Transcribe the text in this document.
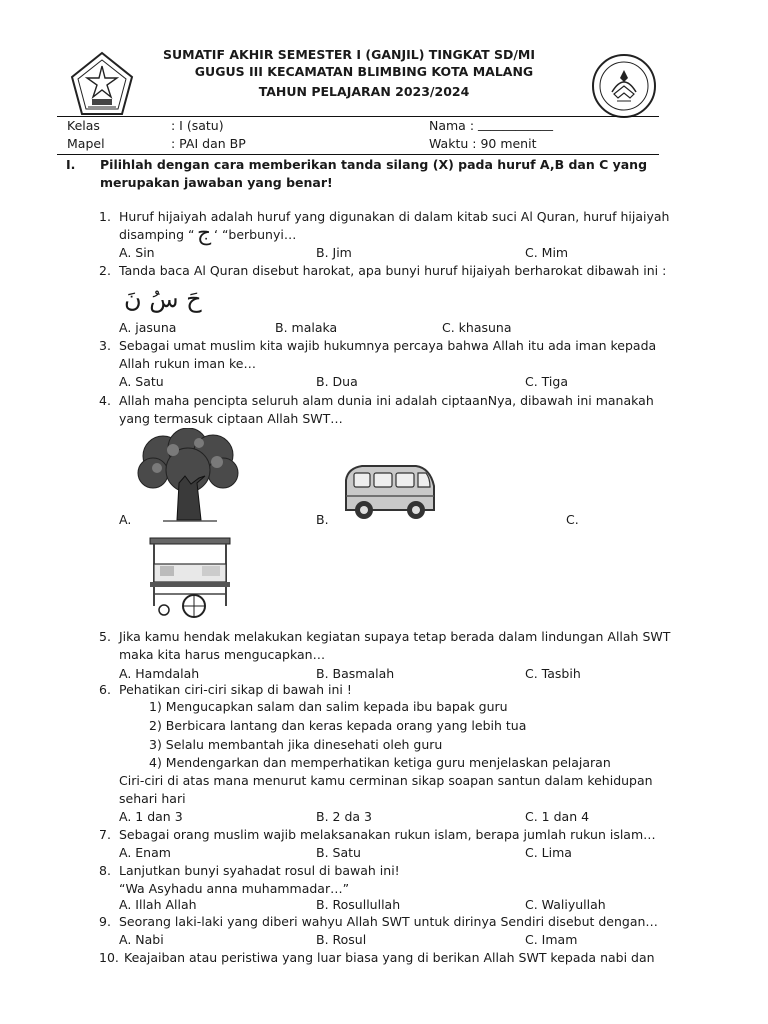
SUMATIF AKHIR SEMESTER I (GANJIL) TINGKAT SD/MI
GUGUS III KECAMATAN BLIMBING KOTA MALANG
TAHUN PELAJARAN 2023/2024
Kelas	: I (satu)	Nama : ____________
Mapel	: PAI dan BP	Waktu : 90 menit
I. Pilihlah dengan cara memberikan tanda silang (X) pada huruf A,B dan C yang
merupakan jawaban yang benar!
1. Huruf hijaiyah adalah huruf yang digunakan di dalam kitab suci Al Quran, huruf hijaiyah
disamping “ ج ‘ “berbunyi…
A. Sin	B. Jim	C. Mim
2. Tanda baca Al Quran disebut harokat, apa bunyi huruf hijaiyah berharokat dibawah ini :
حَ سُ نَ
A. jasuna	B. malaka	C. khasuna
3. Sebagai umat muslim kita wajib hukumnya percaya bahwa Allah itu ada iman kepada
Allah rukun iman ke…
A. Satu	B. Dua	C. Tiga
4. Allah maha pencipta seluruh alam dunia ini adalah ciptaanNya, dibawah ini manakah
yang termasuk ciptaan Allah SWT…
A.	B.	C.
5. Jika kamu hendak melakukan kegiatan supaya tetap berada dalam lindungan Allah SWT
maka kita harus mengucapkan…
A. Hamdalah	B. Basmalah	C. Tasbih
6. Pehatikan ciri-ciri sikap di bawah ini !
1) Mengucapkan salam dan salim kepada ibu bapak guru
2) Berbicara lantang dan keras kepada orang yang lebih tua
3) Selalu membantah jika dinesehati oleh guru
4) Mendengarkan dan memperhatikan ketiga guru menjelaskan pelajaran
Ciri-ciri di atas mana menurut kamu cerminan sikap soapan santun dalam kehidupan
sehari hari
A. 1 dan 3	B. 2 da 3	C. 1 dan 4
7. Sebagai orang muslim wajib melaksanakan rukun islam, berapa jumlah rukun islam…
A. Enam	B. Satu	C. Lima
8. Lanjutkan bunyi syahadat rosul di bawah ini!
“Wa Asyhadu anna muhammadar…”
A. Illah Allah	B. Rosullullah	C. Waliyullah
9. Seorang laki-laki yang diberi wahyu Allah SWT untuk dirinya Sendiri disebut dengan…
A. Nabi	B. Rosul	C. Imam
10. Keajaiban atau peristiwa yang luar biasa yang di berikan Allah SWT kepada nabi dan
